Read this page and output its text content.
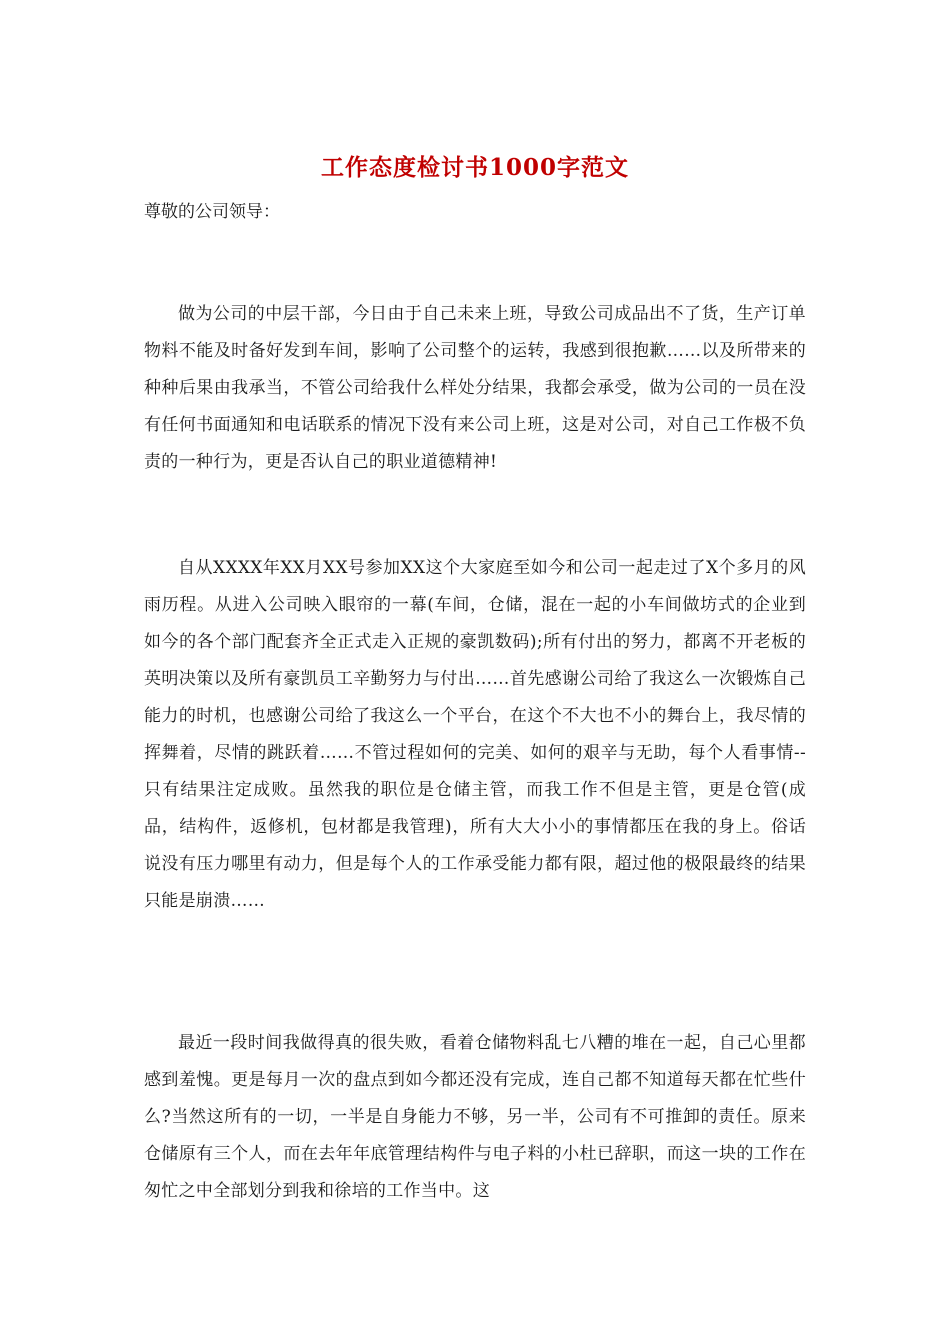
工作态度检讨书1000字范文
尊敬的公司领导：

做为公司的中层干部，今日由于自己未来上班，导致公司成品出不了货，生产订单物料不能及时备好发到车间，影响了公司整个的运转，我感到很抱歉……以及所带来的种种后果由我承当，不管公司给我什么样处分结果，我都会承受，做为公司的一员在没有任何书面通知和电话联系的情况下没有来公司上班，这是对公司，对自己工作极不负责的一种行为，更是否认自己的职业道德精神!

自从XXXX年XX月XX号参加XX这个大家庭至如今和公司一起走过了X个多月的风雨历程。从进入公司映入眼帘的一幕(车间，仓储，混在一起的小车间做坊式的企业到如今的各个部门配套齐全正式走入正规的豪凯数码);所有付出的努力，都离不开老板的英明决策以及所有豪凯员工辛勤努力与付出……首先感谢公司给了我这么一次锻炼自己能力的时机，也感谢公司给了我这么一个平台，在这个不大也不小的舞台上，我尽情的挥舞着，尽情的跳跃着……不管过程如何的完美、如何的艰辛与无助，每个人看事情--只有结果注定成败。虽然我的职位是仓储主管，而我工作不但是主管，更是仓管(成品，结构件，返修机，包材都是我管理)，所有大大小小的事情都压在我的身上。俗话说没有压力哪里有动力，但是每个人的工作承受能力都有限，超过他的极限最终的结果只能是崩溃……

最近一段时间我做得真的很失败，看着仓储物料乱七八糟的堆在一起，自己心里都感到羞愧。更是每月一次的盘点到如今都还没有完成，连自己都不知道每天都在忙些什么?当然这所有的一切，一半是自身能力不够，另一半，公司有不可推卸的责任。原来仓储原有三个人，而在去年年底管理结构件与电子料的小杜已辞职，而这一块的工作在匆忙之中全部划分到我和徐培的工作当中。这
